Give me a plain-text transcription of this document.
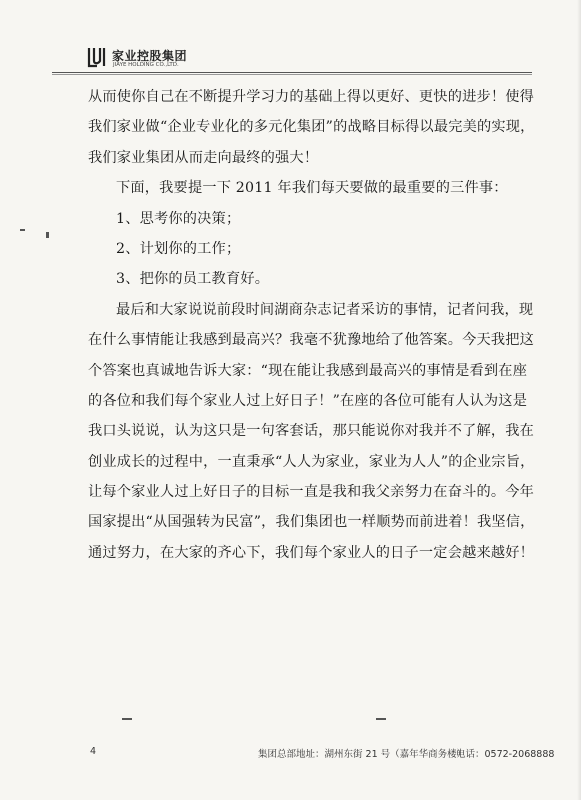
家业控股集团
JIAYE HOLDING CO.,LTD.
从而使你自己在不断提升学习力的基础上得以更好、更快的进步！使得
我们家业做“企业专业化的多元化集团”的战略目标得以最完美的实现，
我们家业集团从而走向最终的强大！
下面，我要提一下 2011 年我们每天要做的最重要的三件事：
1、思考你的决策；
2、计划你的工作；
3、把你的员工教育好。
最后和大家说说前段时间湖商杂志记者采访的事情，记者问我，现
在什么事情能让我感到最高兴？我毫不犹豫地给了他答案。今天我把这
个答案也真诚地告诉大家：“现在能让我感到最高兴的事情是看到在座
的各位和我们每个家业人过上好日子！”在座的各位可能有人认为这是
我口头说说，认为这只是一句客套话，那只能说你对我并不了解，我在
创业成长的过程中，一直秉承“人人为家业，家业为人人”的企业宗旨，
让每个家业人过上好日子的目标一直是我和我父亲努力在奋斗的。今年
国家提出“从国强转为民富”，我们集团也一样顺势而前进着！我坚信，
通过努力，在大家的齐心下，我们每个家业人的日子一定会越来越好！
4	集团总部地址：湖州东街 21 号（嘉年华商务楼）
电话：0572-2068888
